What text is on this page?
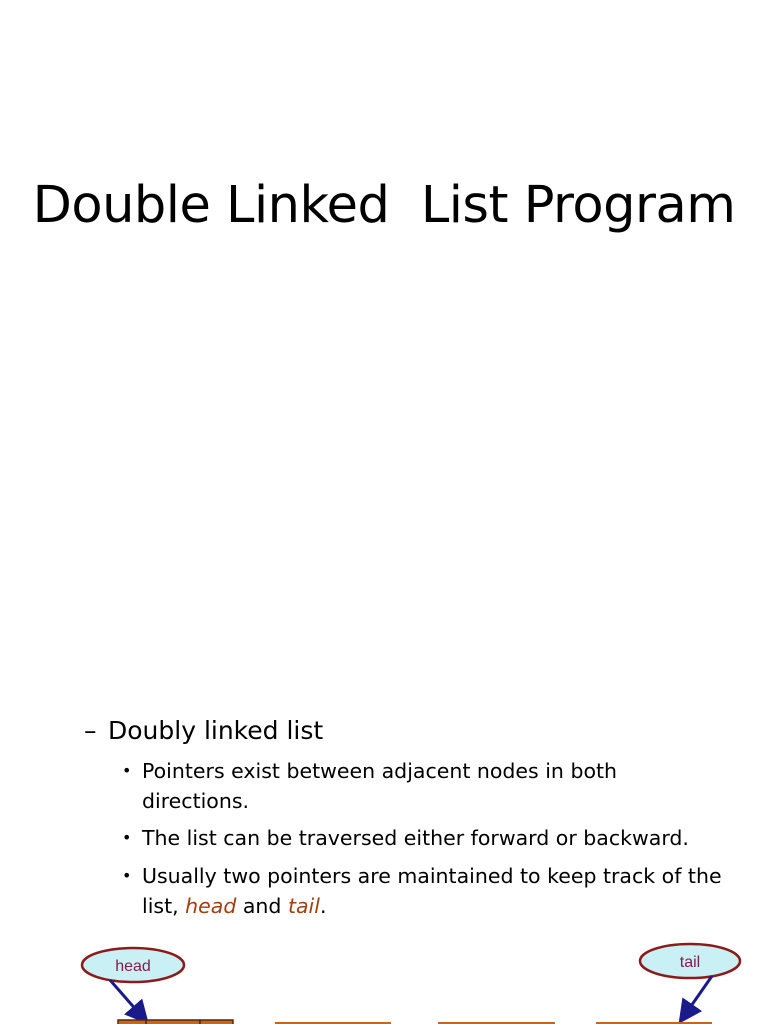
Double Linked  List Program
– Doubly linked list
• Pointers exist between adjacent nodes in both directions.
• The list can be traversed either forward or backward.
• Usually two pointers are maintained to keep track of the list, head and tail.
head	tail
